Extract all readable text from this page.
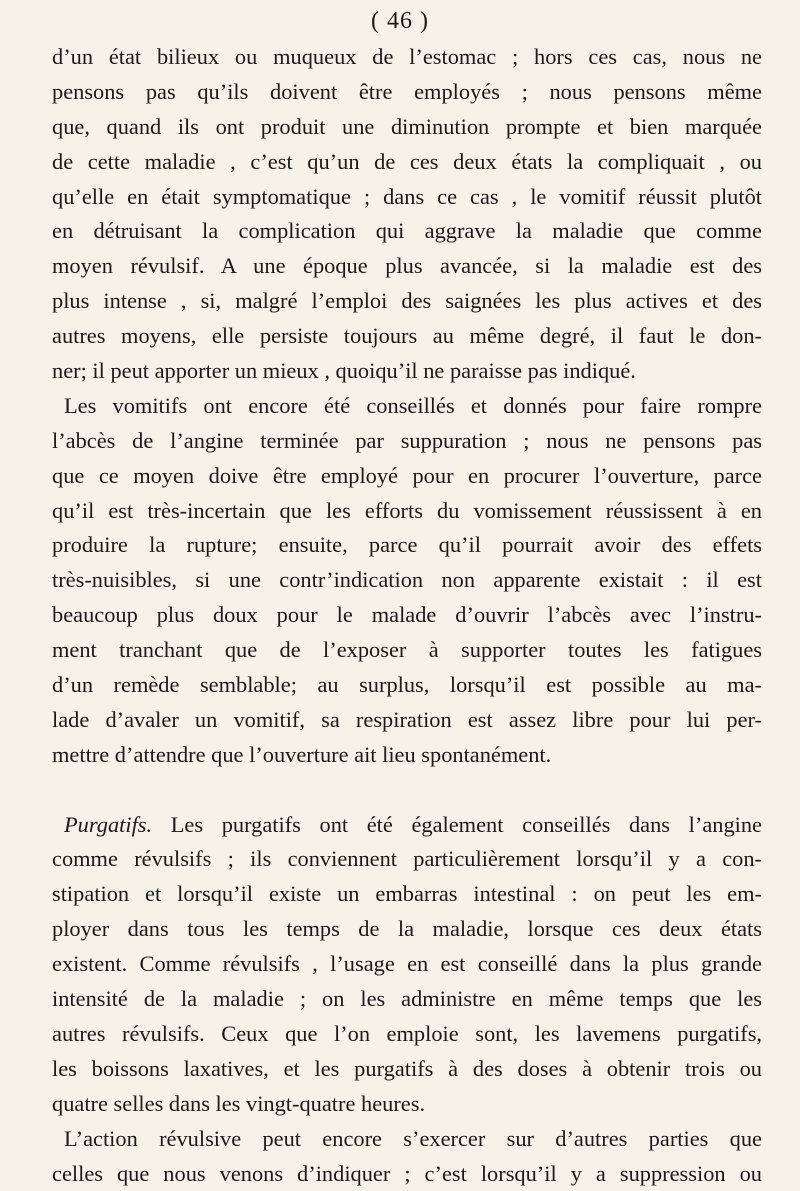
( 46 )
d’un état bilieux ou muqueux de l’estomac ; hors ces cas, nous ne
pensons pas qu’ils doivent être employés ; nous pensons même
que, quand ils ont produit une diminution prompte et bien marquée
de cette maladie , c’est qu’un de ces deux états la compliquait , ou
qu’elle en était symptomatique ; dans ce cas , le vomitif réussit plutôt
en détruisant la complication qui aggrave la maladie que comme
moyen révulsif. A une époque plus avancée, si la maladie est des
plus intense , si, malgré l’emploi des saignées les plus actives et des
autres moyens, elle persiste toujours au même degré, il faut le don-
ner; il peut apporter un mieux , quoiqu’il ne paraisse pas indiqué.
Les vomitifs ont encore été conseillés et donnés pour faire rompre
l’abcès de l’angine terminée par suppuration ; nous ne pensons pas
que ce moyen doive être employé pour en procurer l’ouverture, parce
qu’il est très-incertain que les efforts du vomissement réussissent à en
produire la rupture; ensuite, parce qu’il pourrait avoir des effets
très-nuisibles, si une contr’indication non apparente existait : il est
beaucoup plus doux pour le malade d’ouvrir l’abcès avec l’instru-
ment tranchant que de l’exposer à supporter toutes les fatigues
d’un remède semblable; au surplus, lorsqu’il est possible au ma-
lade d’avaler un vomitif, sa respiration est assez libre pour lui per-
mettre d’attendre que l’ouverture ait lieu spontanément.
Purgatifs. Les purgatifs ont été également conseillés dans l’angine
comme révulsifs ; ils conviennent particulièrement lorsqu’il y a con-
stipation et lorsqu’il existe un embarras intestinal : on peut les em-
ployer dans tous les temps de la maladie, lorsque ces deux états
existent. Comme révulsifs , l’usage en est conseillé dans la plus grande
intensité de la maladie ; on les administre en même temps que les
autres révulsifs. Ceux que l’on emploie sont, les lavemens purgatifs,
les boissons laxatives, et les purgatifs à des doses à obtenir trois ou
quatre selles dans les vingt-quatre heures.
L’action révulsive peut encore s’exercer sur d’autres parties que
celles que nous venons d’indiquer ; c’est lorsqu’il y a suppression ou
